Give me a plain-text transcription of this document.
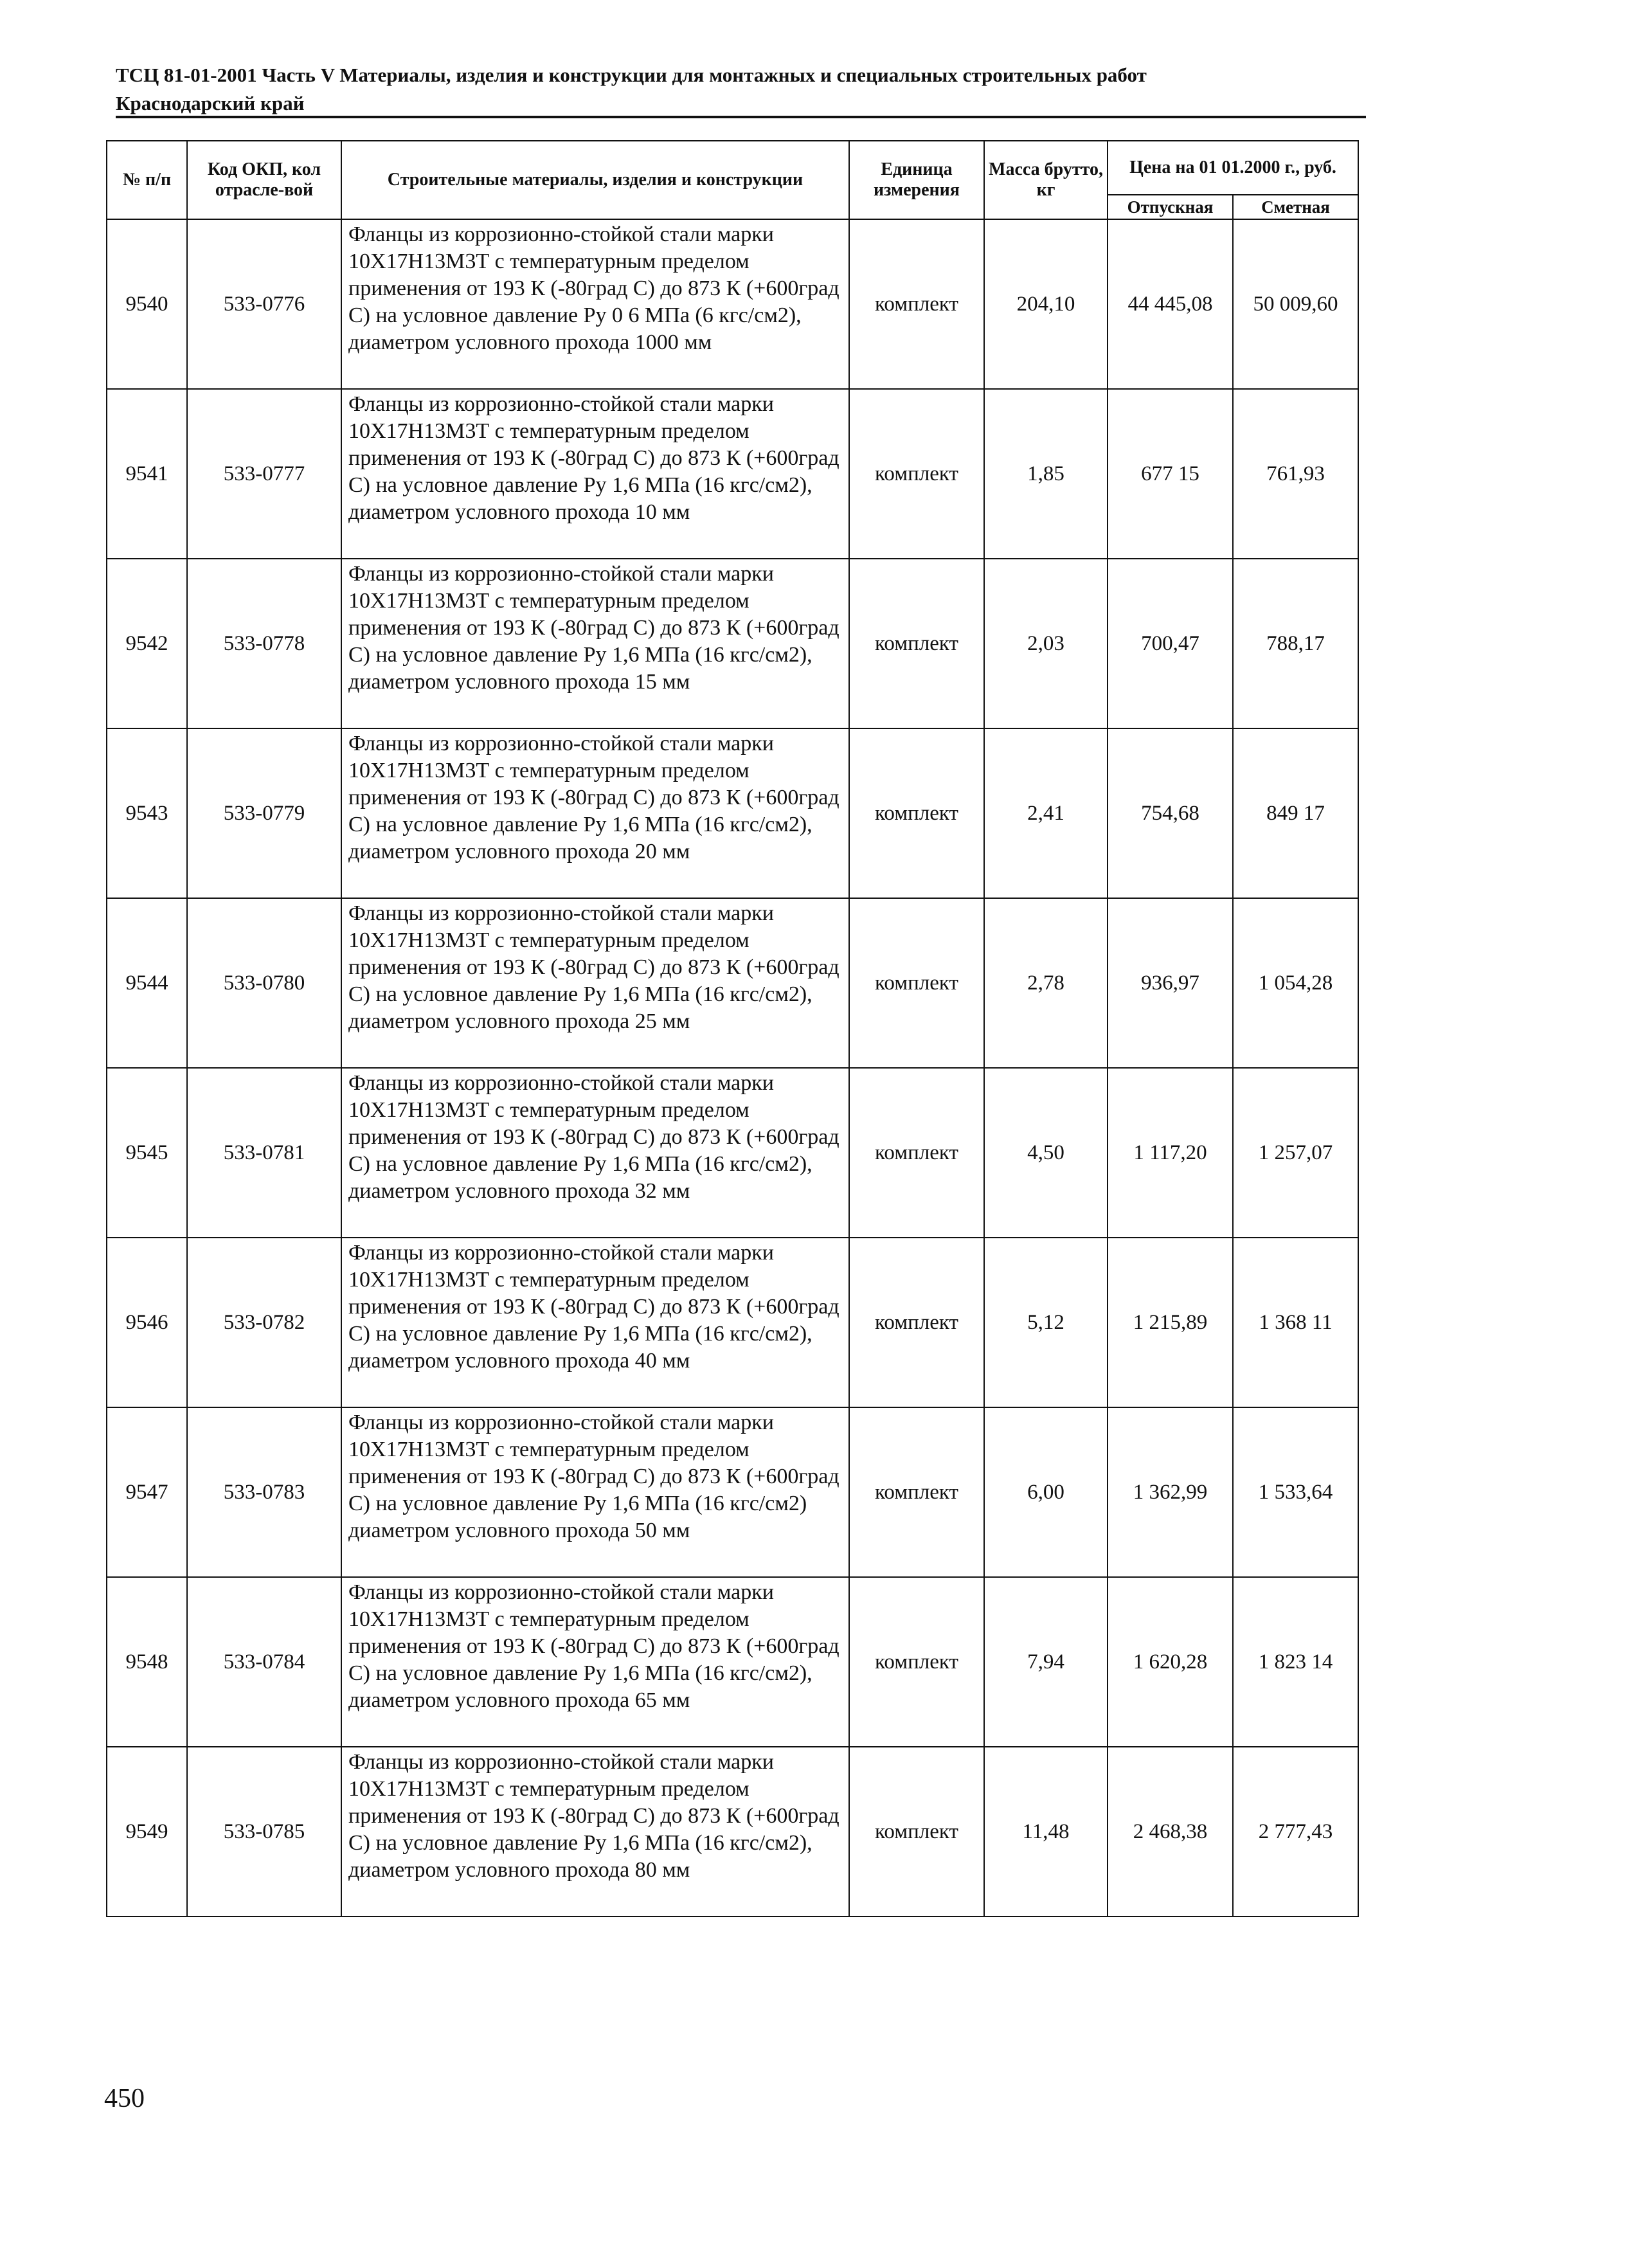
ТСЦ 81-01-2001 Часть V Материалы, изделия и конструкции для монтажных и специальных строительных работ
Краснодарский край
№ п/п	Код ОКП, кол отрасле-вой	Строительные материалы, изделия и конструкции	Единица измерения	Масса брутто, кг	Цена на 01 01.2000 г., руб.	
					Отпускная	Сметная
9540	533-0776	Фланцы из коррозионно-стойкой стали марки 10Х17Н13М3Т с температурным пределом применения от 193 К (-80град С) до 873 К (+600град С) на условное давление Ру 0 6 МПа (6 кгс/см2), диаметром условного прохода 1000 мм	комплект	204,10	44 445,08	50 009,60
9541	533-0777	Фланцы из коррозионно-стойкой стали марки 10Х17Н13М3Т с температурным пределом применения от 193 К (-80град С) до 873 К (+600град С) на условное давление Ру 1,6 МПа (16 кгс/см2), диаметром условного прохода 10 мм	комплект	1,85	677 15	761,93
9542	533-0778	Фланцы из коррозионно-стойкой стали марки 10Х17Н13М3Т с температурным пределом применения от 193 К (-80град С) до 873 К (+600град С) на условное давление Ру 1,6 МПа (16 кгс/см2), диаметром условного прохода 15 мм	комплект	2,03	700,47	788,17
9543	533-0779	Фланцы из коррозионно-стойкой стали марки 10Х17Н13М3Т с температурным пределом применения от 193 К (-80град С) до 873 К (+600град С) на условное давление Ру 1,6 МПа (16 кгс/см2), диаметром условного прохода 20 мм	комплект	2,41	754,68	849 17
9544	533-0780	Фланцы из коррозионно-стойкой стали марки 10Х17Н13М3Т с температурным пределом применения от 193 К (-80град С) до 873 К (+600град С) на условное давление Ру 1,6 МПа (16 кгс/см2), диаметром условного прохода 25 мм	комплект	2,78	936,97	1 054,28
9545	533-0781	Фланцы из коррозионно-стойкой стали марки 10Х17Н13М3Т с температурным пределом применения от 193 К (-80град С) до 873 К (+600град С) на условное давление Ру 1,6 МПа (16 кгс/см2), диаметром условного прохода 32 мм	комплект	4,50	1 117,20	1 257,07
9546	533-0782	Фланцы из коррозионно-стойкой стали марки 10Х17Н13М3Т с температурным пределом применения от 193 К (-80град С) до 873 К (+600град С) на условное давление Ру 1,6 МПа (16 кгс/см2), диаметром условного прохода 40 мм	комплект	5,12	1 215,89	1 368 11
9547	533-0783	Фланцы из коррозионно-стойкой стали марки 10Х17Н13М3Т с температурным пределом применения от 193 К (-80град С) до 873 К (+600град С) на условное давление Ру 1,6 МПа (16 кгс/см2) диаметром условного прохода 50 мм	комплект	6,00	1 362,99	1 533,64
9548	533-0784	Фланцы из коррозионно-стойкой стали марки 10Х17Н13М3Т с температурным пределом применения от 193 К (-80град С) до 873 К (+600град С) на условное давление Ру 1,6 МПа (16 кгс/см2), диаметром условного прохода 65 мм	комплект	7,94	1 620,28	1 823 14
9549	533-0785	Фланцы из коррозионно-стойкой стали марки 10Х17Н13М3Т с температурным пределом применения от 193 К (-80град С) до 873 К (+600град С) на условное давление Ру 1,6 МПа (16 кгс/см2), диаметром условного прохода 80 мм	комплект	11,48	2 468,38	2 777,43
450
